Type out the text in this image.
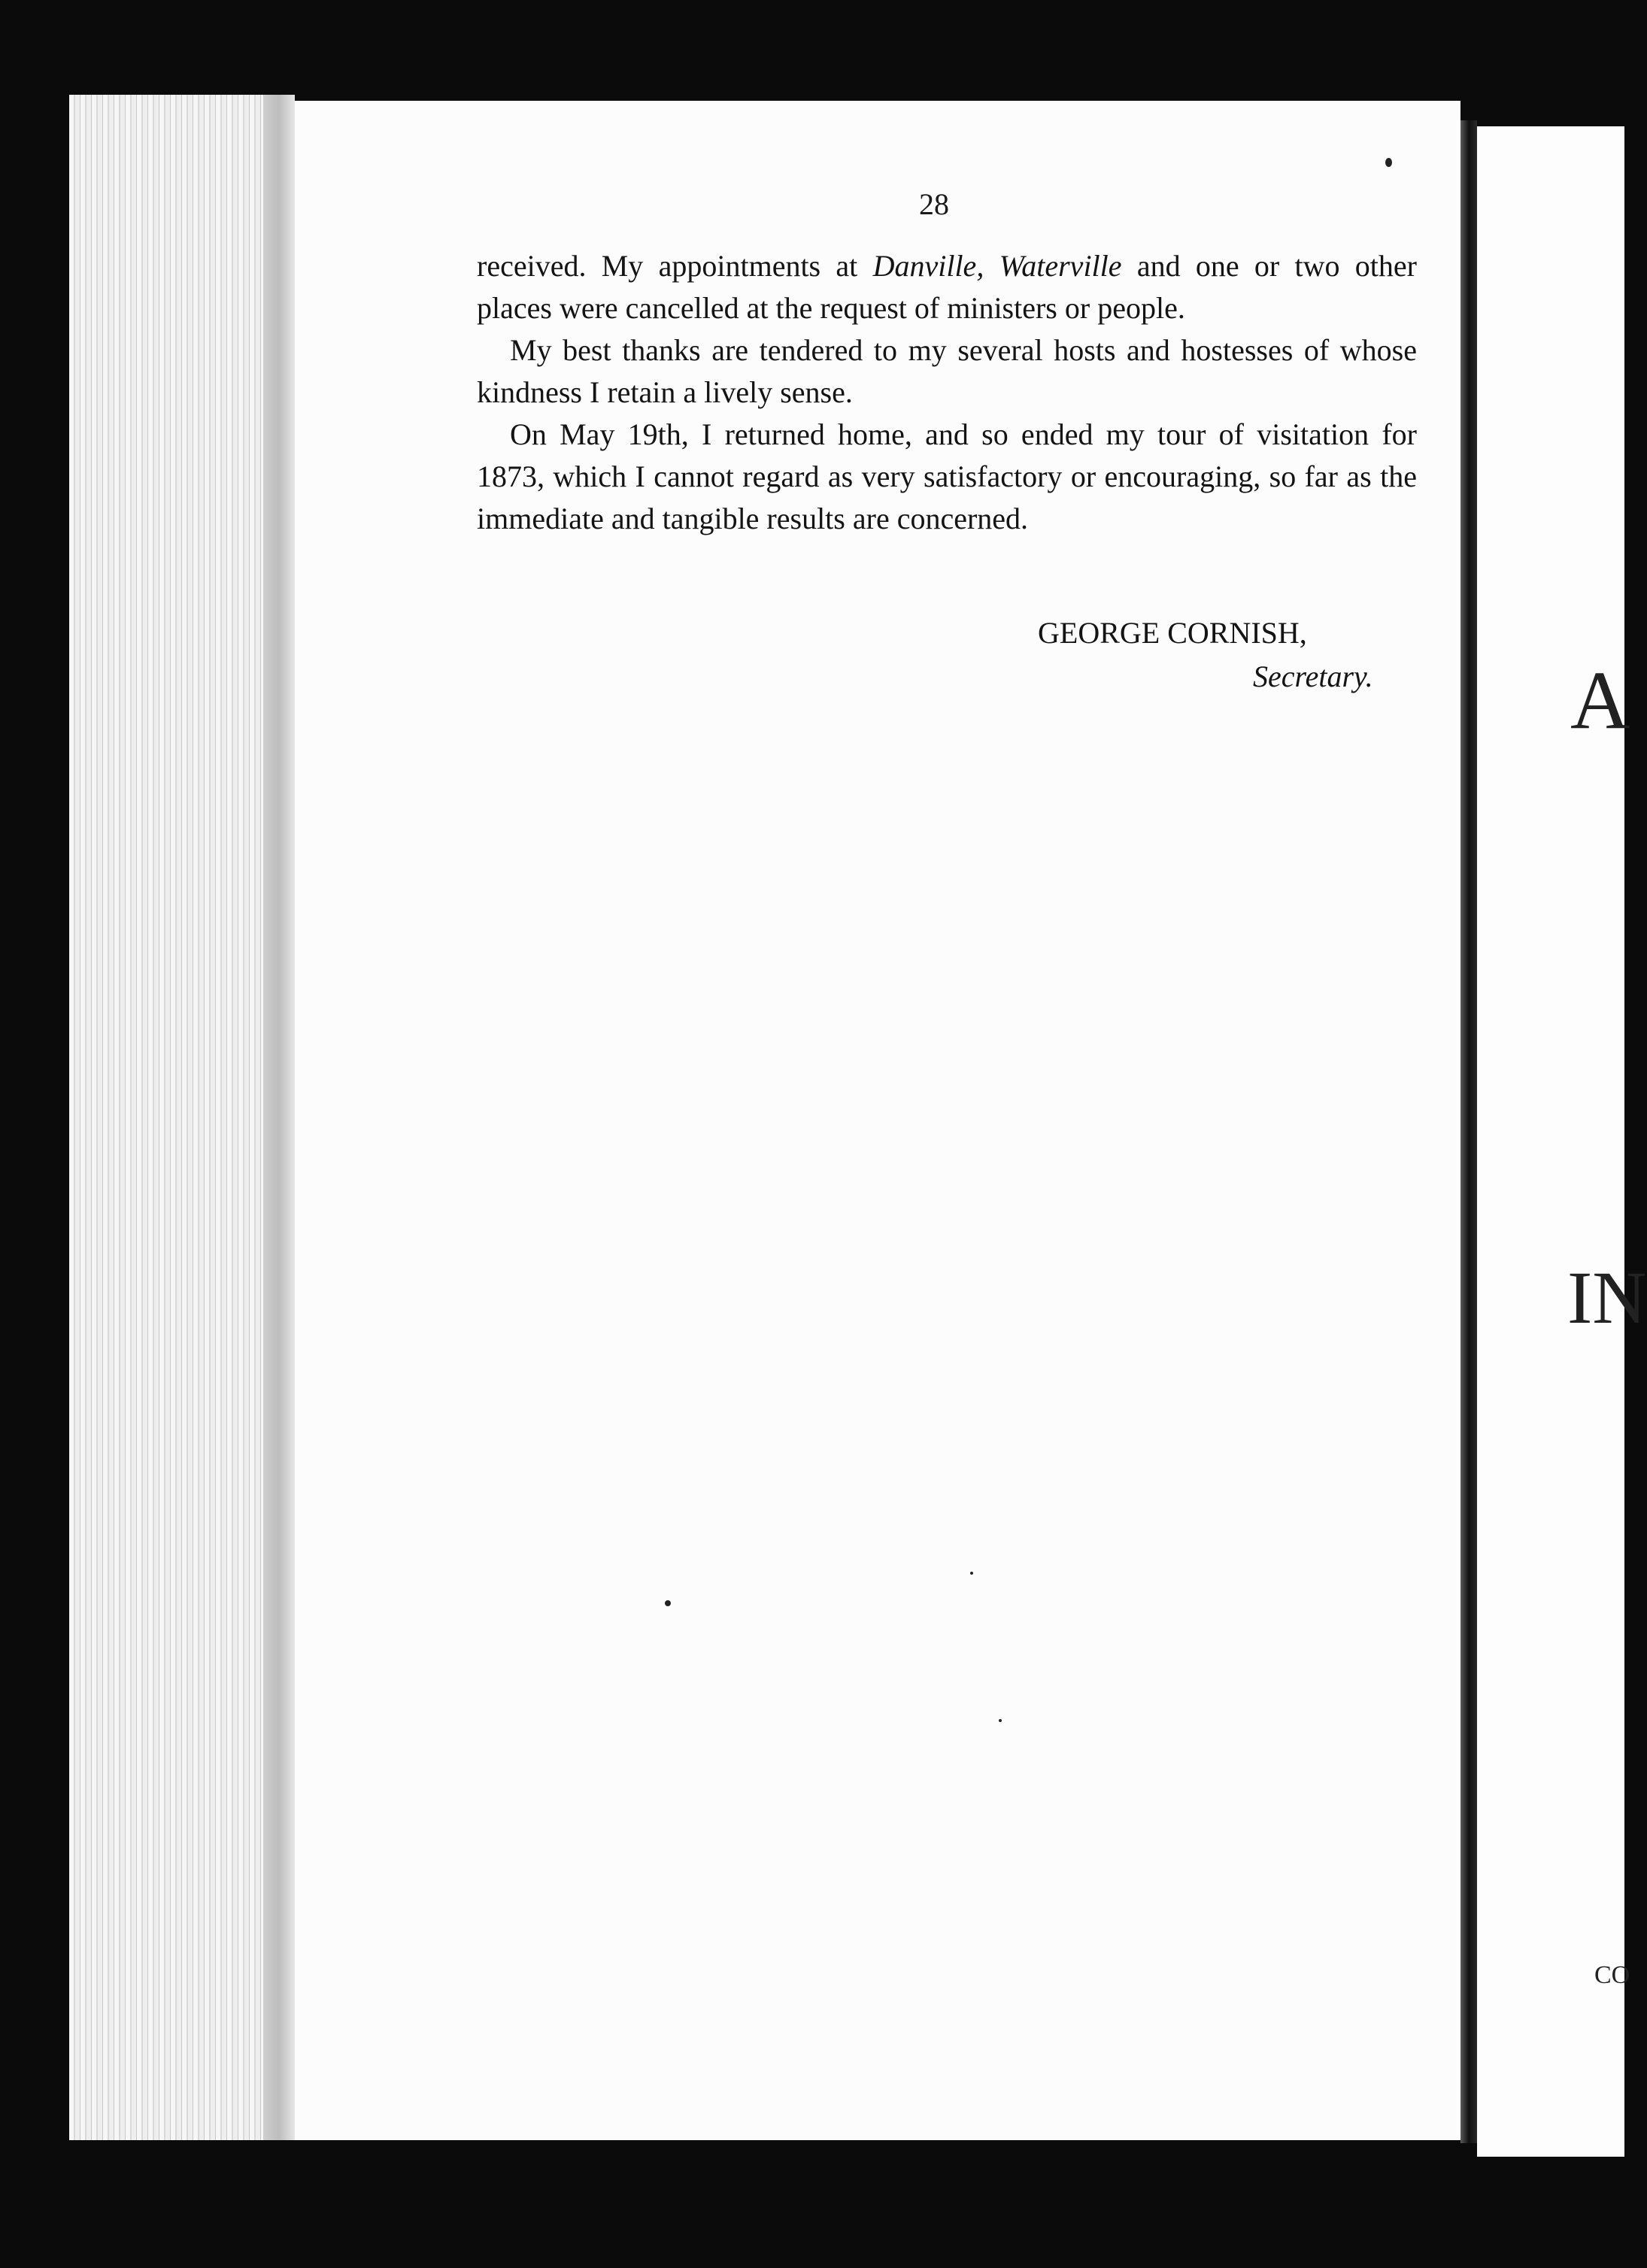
28

received. My appointments at Danville, Waterville and one or two other places were cancelled at the request of ministers or people.

My best thanks are tendered to my several hosts and hostesses of whose kindness I retain a lively sense.

On May 19th, I returned home, and so ended my tour of visitation for 1873, which I cannot regard as very satisfactory or encouraging, so far as the immediate and tangible results are concerned.

GEORGE CORNISH,
Secretary. A
IN
CO
